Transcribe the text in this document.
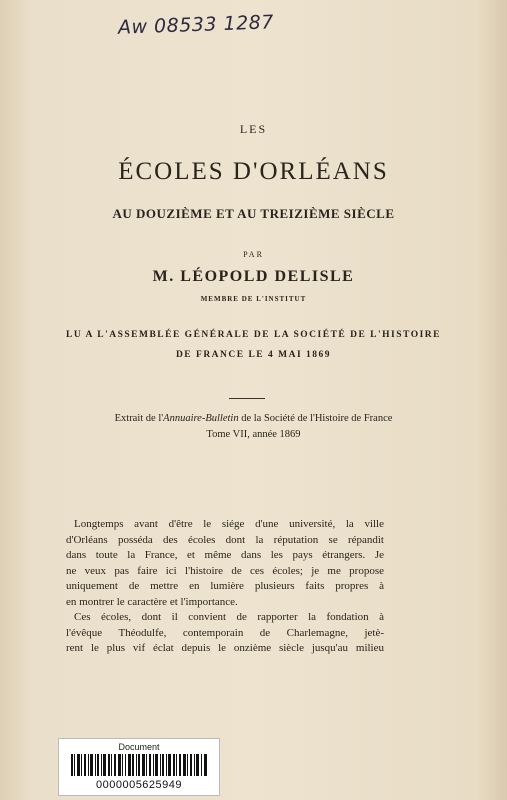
Aw 08533 1287
LES
ÉCOLES D'ORLÉANS
AU DOUZIÈME ET AU TREIZIÈME SIÈCLE
PAR
M. LÉOPOLD DELISLE
MEMBRE DE L'INSTITUT
LU A L'ASSEMBLÉE GÉNÉRALE DE LA SOCIÉTÉ DE L'HISTOIRE
DE FRANCE LE 4 MAI 1869
Extrait de l'Annuaire-Bulletin de la Société de l'Histoire de France
Tome VII, année 1869
Longtemps avant d'être le siége d'une université, la ville
d'Orléans posséda des écoles dont la réputation se répandit
dans toute la France, et même dans les pays étrangers. Je
ne veux pas faire ici l'histoire de ces écoles; je me propose
uniquement de mettre en lumière plusieurs faits propres à
en montrer le caractère et l'importance.
Ces écoles, dont il convient de rapporter la fondation à
l'évêque Théodulfe, contemporain de Charlemagne, jetè-
rent le plus vif éclat depuis le onzième siècle jusqu'au milieu
Document
0000005625949
